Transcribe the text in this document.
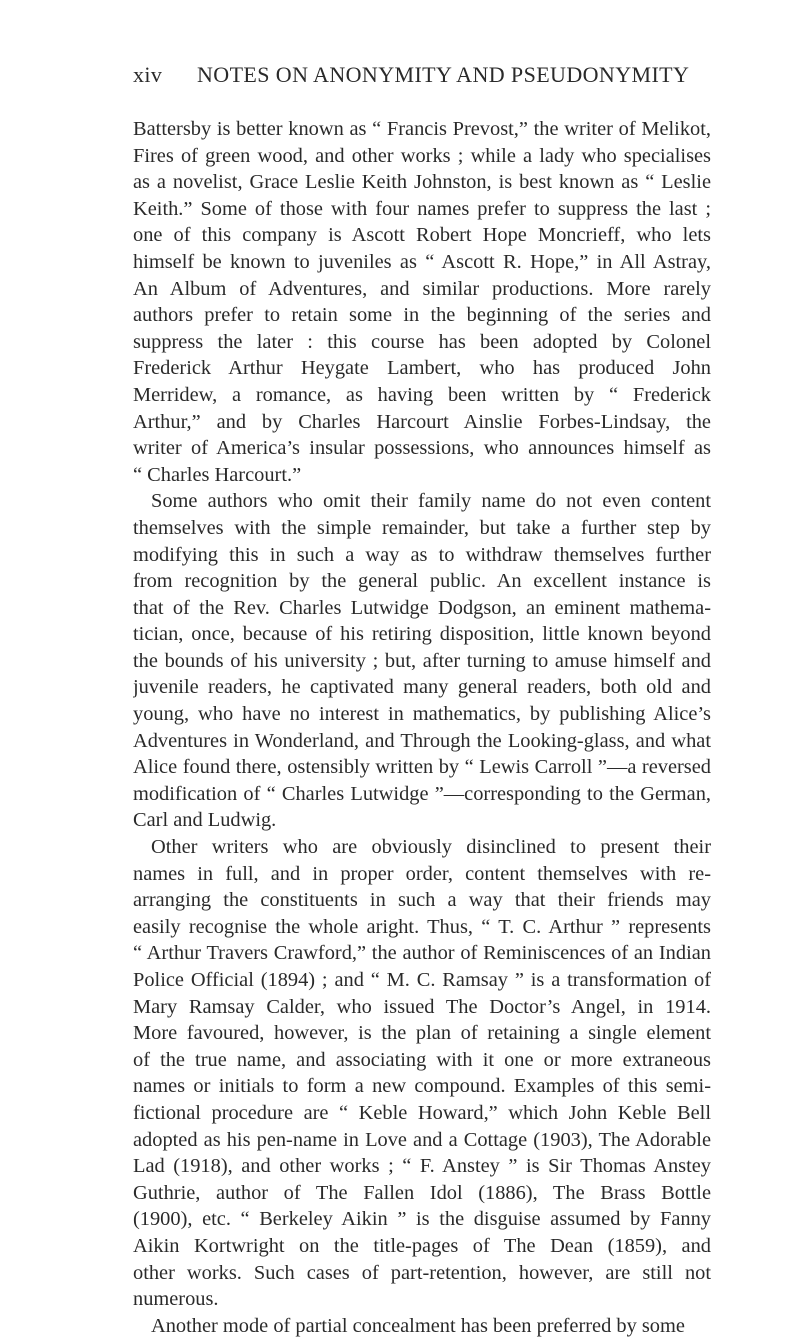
xiv NOTES ON ANONYMITY AND PSEUDONYMITY
Battersby is better known as “ Francis Prevost,” the writer of Melikot,
Fires of green wood, and other works ; while a lady who specialises
as a novelist, Grace Leslie Keith Johnston, is best known as “ Leslie
Keith.” Some of those with four names prefer to suppress the last ;
one of this company is Ascott Robert Hope Moncrieff, who lets
himself be known to juveniles as “ Ascott R. Hope,” in All Astray,
An Album of Adventures, and similar productions. More rarely
authors prefer to retain some in the beginning of the series and
suppress the later : this course has been adopted by Colonel
Frederick Arthur Heygate Lambert, who has produced John
Merridew, a romance, as having been written by “ Frederick
Arthur,” and by Charles Harcourt Ainslie Forbes-Lindsay, the
writer of America’s insular possessions, who announces himself as
“ Charles Harcourt.”
Some authors who omit their family name do not even content
themselves with the simple remainder, but take a further step by
modifying this in such a way as to withdraw themselves further
from recognition by the general public. An excellent instance is
that of the Rev. Charles Lutwidge Dodgson, an eminent mathema-
tician, once, because of his retiring disposition, little known beyond
the bounds of his university ; but, after turning to amuse himself and
juvenile readers, he captivated many general readers, both old and
young, who have no interest in mathematics, by publishing Alice’s
Adventures in Wonderland, and Through the Looking-glass, and what
Alice found there, ostensibly written by “ Lewis Carroll ”—a reversed
modification of “ Charles Lutwidge ”—corresponding to the German,
Carl and Ludwig.
Other writers who are obviously disinclined to present their
names in full, and in proper order, content themselves with re-
arranging the constituents in such a way that their friends may
easily recognise the whole aright. Thus, “ T. C. Arthur ” represents
“ Arthur Travers Crawford,” the author of Reminiscences of an Indian
Police Official (1894) ; and “ M. C. Ramsay ” is a transformation of
Mary Ramsay Calder, who issued The Doctor’s Angel, in 1914.
More favoured, however, is the plan of retaining a single element
of the true name, and associating with it one or more extraneous
names or initials to form a new compound. Examples of this semi-
fictional procedure are “ Keble Howard,” which John Keble Bell
adopted as his pen-name in Love and a Cottage (1903), The Adorable
Lad (1918), and other works ; “ F. Anstey ” is Sir Thomas Anstey
Guthrie, author of The Fallen Idol (1886), The Brass Bottle
(1900), etc. “ Berkeley Aikin ” is the disguise assumed by Fanny
Aikin Kortwright on the title-pages of The Dean (1859), and
other works. Such cases of part-retention, however, are still not
numerous.
Another mode of partial concealment has been preferred by some
